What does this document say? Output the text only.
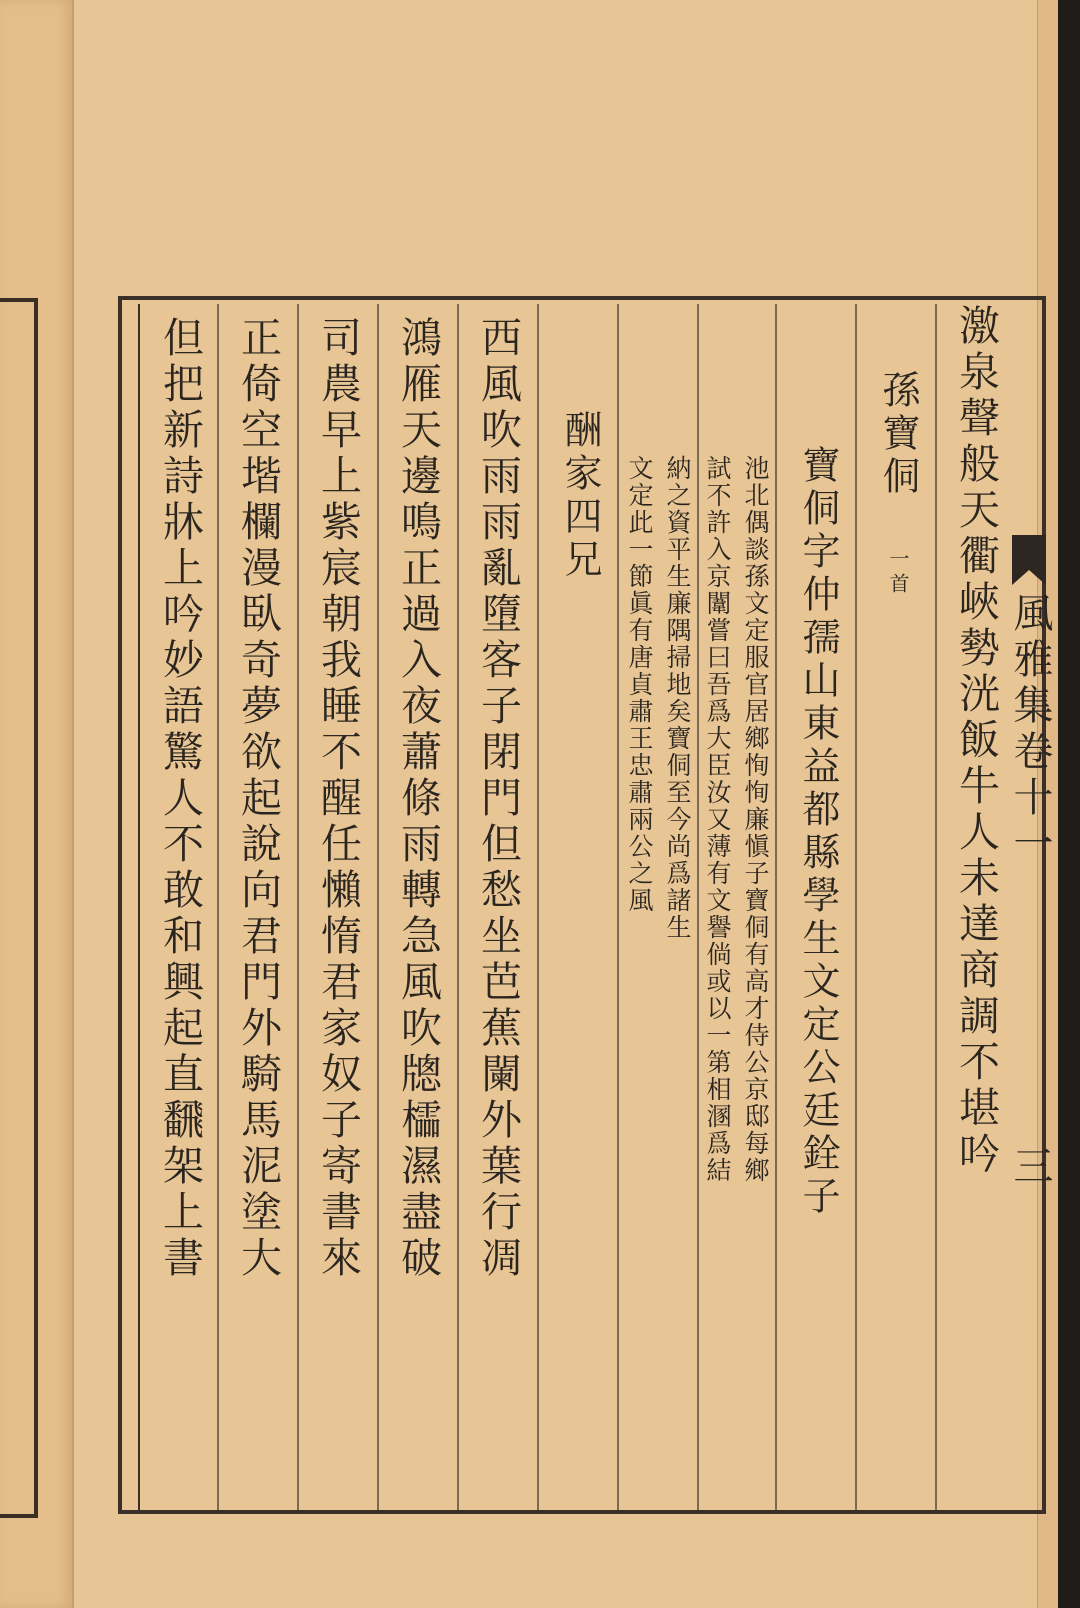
風雅集卷十一
三
激泉聲般天衢峽勢洸飯牛人未達商調不堪吟
孫寶侗
一首
寶侗字仲孺山東益都縣學生文定公廷銓子
池北偶談孫文定服官居鄉恂恂廉愼子寶侗有高才侍公京邸每鄉
試不許入京闈嘗曰吾爲大臣汝又薄有文譽倘或以一第相溷爲結
納之資平生廉隅掃地矣寶侗至今尚爲諸生
文定此一節眞有唐貞肅王忠肅兩公之風
酬家四兄
西風吹雨雨亂墮客子閉門但愁坐芭蕉闌外葉行凋
鴻雁天邊鳴正過入夜蕭條雨轉急風吹牕櫺濕盡破
司農早上紫宸朝我睡不醒任懶惰君家奴子寄書來
正倚空堦欄漫臥奇夢欲起說向君門外騎馬泥塗大
但把新詩牀上吟妙語驚人不敢和興起直飜架上書
